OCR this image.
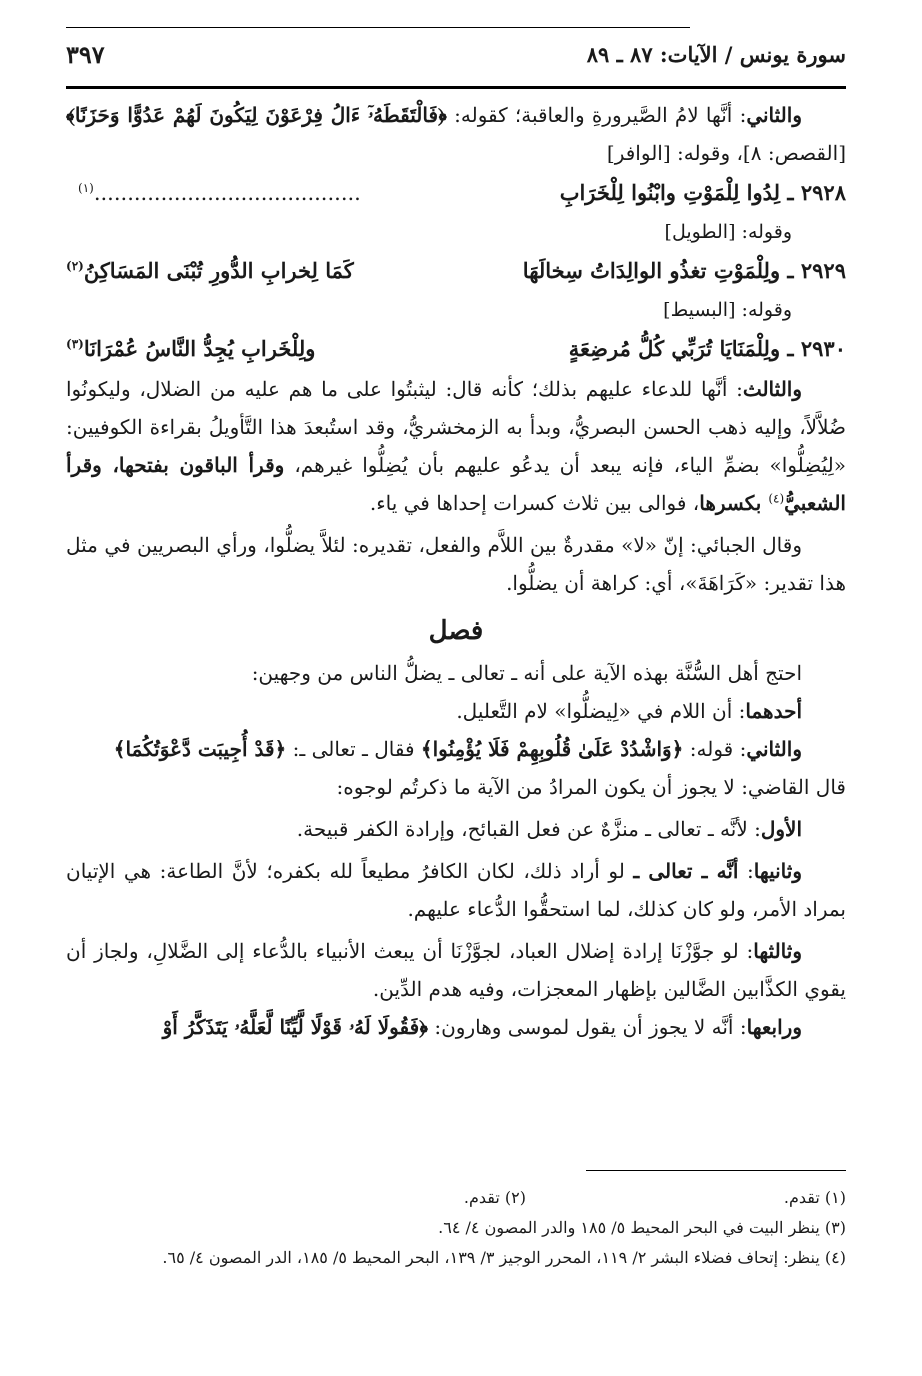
سورة يونس / الآيات: ٨٧ ـ ٨٩
٣٩٧

والثاني: أنَّها لامُ الصَّيرورةِ والعاقبة؛ كقوله: ﴿فَالْتَقَطَهُۥٓ ءَالُ فِرْعَوْنَ لِيَكُونَ لَهُمْ عَدُوًّا وَحَزَنًا﴾ [القصص: ٨]، وقوله: [الوافر]

٢٩٢٨ ـ لِدُوا لِلْمَوْتِ وابْنُوا لِلْخَرَابِ
........................................$^{(١)}$
وقوله: [الطويل]
٢٩٢٩ ـ ولِلْمَوْتِ تغذُو الوالِدَاتُ سِخالَهَا
كَمَا لِخرابِ الدُّورِ تُبْنَى المَسَاكِنُ$^{(٢)}$
وقوله: [البسيط]
٢٩٣٠ ـ ولِلْمَنَايَا تُرَبِّي كُلُّ مُرضِعَةٍ
ولِلْخَرابِ يُجِدُّ النَّاسُ عُمْرَانَا$^{(٣)}$

والثالث: أنَّها للدعاء عليهم بذلك؛ كأنه قال: ليثبتُوا على ما هم عليه من الضلال، وليكونُوا ضُلاَّلاً، وإليه ذهب الحسن البصريُّ، وبدأ به الزمخشريُّ، وقد استُبعدَ هذا التَّأويلُ بقراءة الكوفيين: «لِيُضِلُّوا» بضمِّ الياء، فإنه يبعد أن يدعُو عليهم بأن يُضِلُّوا غيرهم، وقرأ الباقون بفتحها، وقرأ الشعبيُّ$^{(٤)}$ بكسرها، فوالى بين ثلاث كسرات إحداها في ياء.

وقال الجبائي: إنّ «لا» مقدرةٌ بين اللاَّم والفعل، تقديره: لئلاَّ يضلُّوا، ورأي البصريين في مثل هذا تقدير: «كَرَاهَةَ»، أي: كراهة أن يضلُّوا.

فصل

احتج أهل السُّنَّة بهذه الآية على أنه ـ تعالى ـ يضلُّ الناس من وجهين:

أحدهما: أن اللام في «لِيضلُّوا» لام التَّعليل.

والثاني: قوله: ﴿وَاشْدُدْ عَلَىٰ قُلُوبِهِمْ فَلَا يُؤْمِنُوا﴾ فقال ـ تعالى ـ: ﴿قَدْ أُجِيبَت دَّعْوَتُكُمَا﴾

قال القاضي: لا يجوز أن يكون المرادُ من الآية ما ذكرتُم لوجوه:

الأول: لأنَّه ـ تعالى ـ منزَّهٌ عن فعل القبائح، وإرادة الكفر قبيحة.

وثانيها: أنَّه ـ تعالى ـ لو أراد ذلك، لكان الكافرُ مطيعاً لله بكفره؛ لأنَّ الطاعة: هي الإتيان بمراد الأمر، ولو كان كذلك، لما استحقُّوا الدُّعاء عليهم.

وثالثها: لو جوَّزْنَا إرادة إضلال العباد، لجوَّزْنَا أن يبعث الأنبياء بالدُّعاء إلى الضَّلالِ، ولجاز أن يقوي الكذَّابين الضَّالين بإظهار المعجزات، وفيه هدم الدِّين.

ورابعها: أنَّه لا يجوز أن يقول لموسى وهارون: ﴿فَقُولَا لَهُۥ قَوْلًا لَّيِّنًا لَّعَلَّهُۥ يَتَذَكَّرُ أَوْ

(١) تقدم.
(٢) تقدم.
(٣) ينظر البيت في البحر المحيط ٥/ ١٨٥ والدر المصون ٤/ ٦٤.
(٤) ينظر: إتحاف فضلاء البشر ٢/ ١١٩، المحرر الوجيز ٣/ ١٣٩، البحر المحيط ٥/ ١٨٥، الدر المصون ٤/ ٦٥.
